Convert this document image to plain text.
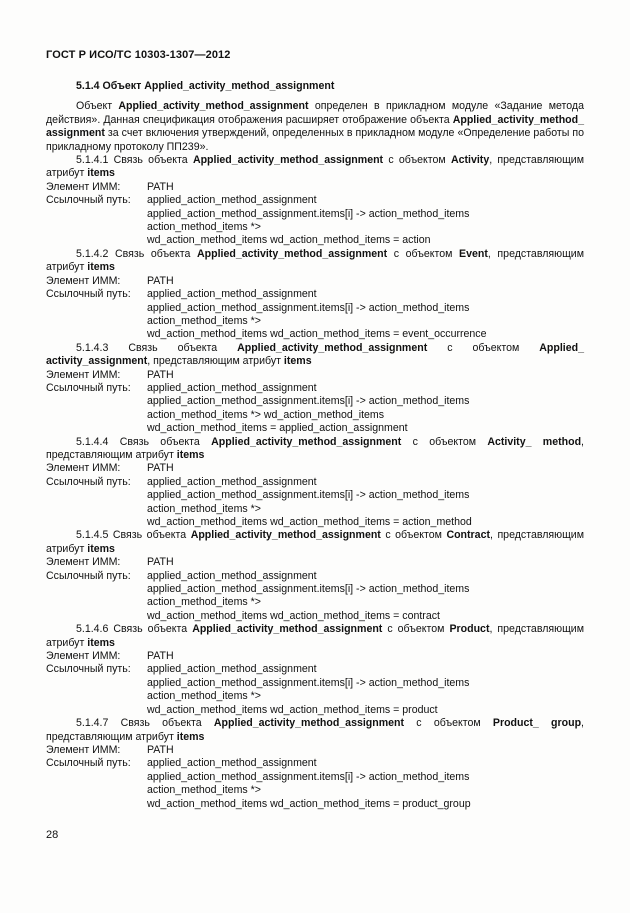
ГОСТ Р ИСО/ТС 10303-1307—2012
5.1.4 Объект Applied_activity_method_assignment

Объект Applied_activity_method_assignment определен в прикладном модуле «Задание метода действия». Данная спецификация отображения расширяет отображение объекта Applied_activity_method_ assignment за счет включения утверждений, определенных в прикладном модуле «Определение работы по прикладному протоколу ПП239».

5.1.4.1 Связь объекта Applied_activity_method_assignment с объектом Activity, представляющим атрибут items

Элемент ИММ:	PATH
Ссылочный путь:	applied_action_method_assignment
applied_action_method_assignment.items[i] -> action_method_items
action_method_items *>
wd_action_method_items wd_action_method_items = action

5.1.4.2 Связь объекта Applied_activity_method_assignment с объектом Event, представляющим атрибут items

Элемент ИММ:	PATH
Ссылочный путь:	applied_action_method_assignment
applied_action_method_assignment.items[i] -> action_method_items
action_method_items *>
wd_action_method_items wd_action_method_items = event_occurrence

5.1.4.3 Связь объекта Applied_activity_method_assignment с объектом Applied_ activity_assignment, представляющим атрибут items

Элемент ИММ:	PATH
Ссылочный путь:	applied_action_method_assignment
applied_action_method_assignment.items[i] -> action_method_items
action_method_items *> wd_action_method_items
wd_action_method_items = applied_action_assignment

5.1.4.4 Связь объекта Applied_activity_method_assignment с объектом Activity_ method, представляющим атрибут items

Элемент ИММ:	PATH
Ссылочный путь:	applied_action_method_assignment
applied_action_method_assignment.items[i] -> action_method_items
action_method_items *>
wd_action_method_items wd_action_method_items = action_method

5.1.4.5 Связь объекта Applied_activity_method_assignment с объектом Contract, представляющим атрибут items

Элемент ИММ:	PATH
Ссылочный путь:	applied_action_method_assignment
applied_action_method_assignment.items[i] -> action_method_items
action_method_items *>
wd_action_method_items wd_action_method_items = contract

5.1.4.6 Связь объекта Applied_activity_method_assignment с объектом Product, представляющим атрибут items

Элемент ИММ:	PATH
Ссылочный путь:	applied_action_method_assignment
applied_action_method_assignment.items[i] -> action_method_items
action_method_items *>
wd_action_method_items wd_action_method_items = product

5.1.4.7 Связь объекта Applied_activity_method_assignment с объектом Product_ group, представляющим атрибут items

Элемент ИММ:	PATH
Ссылочный путь:	applied_action_method_assignment
applied_action_method_assignment.items[i] -> action_method_items
action_method_items *>
wd_action_method_items wd_action_method_items = product_group
28
